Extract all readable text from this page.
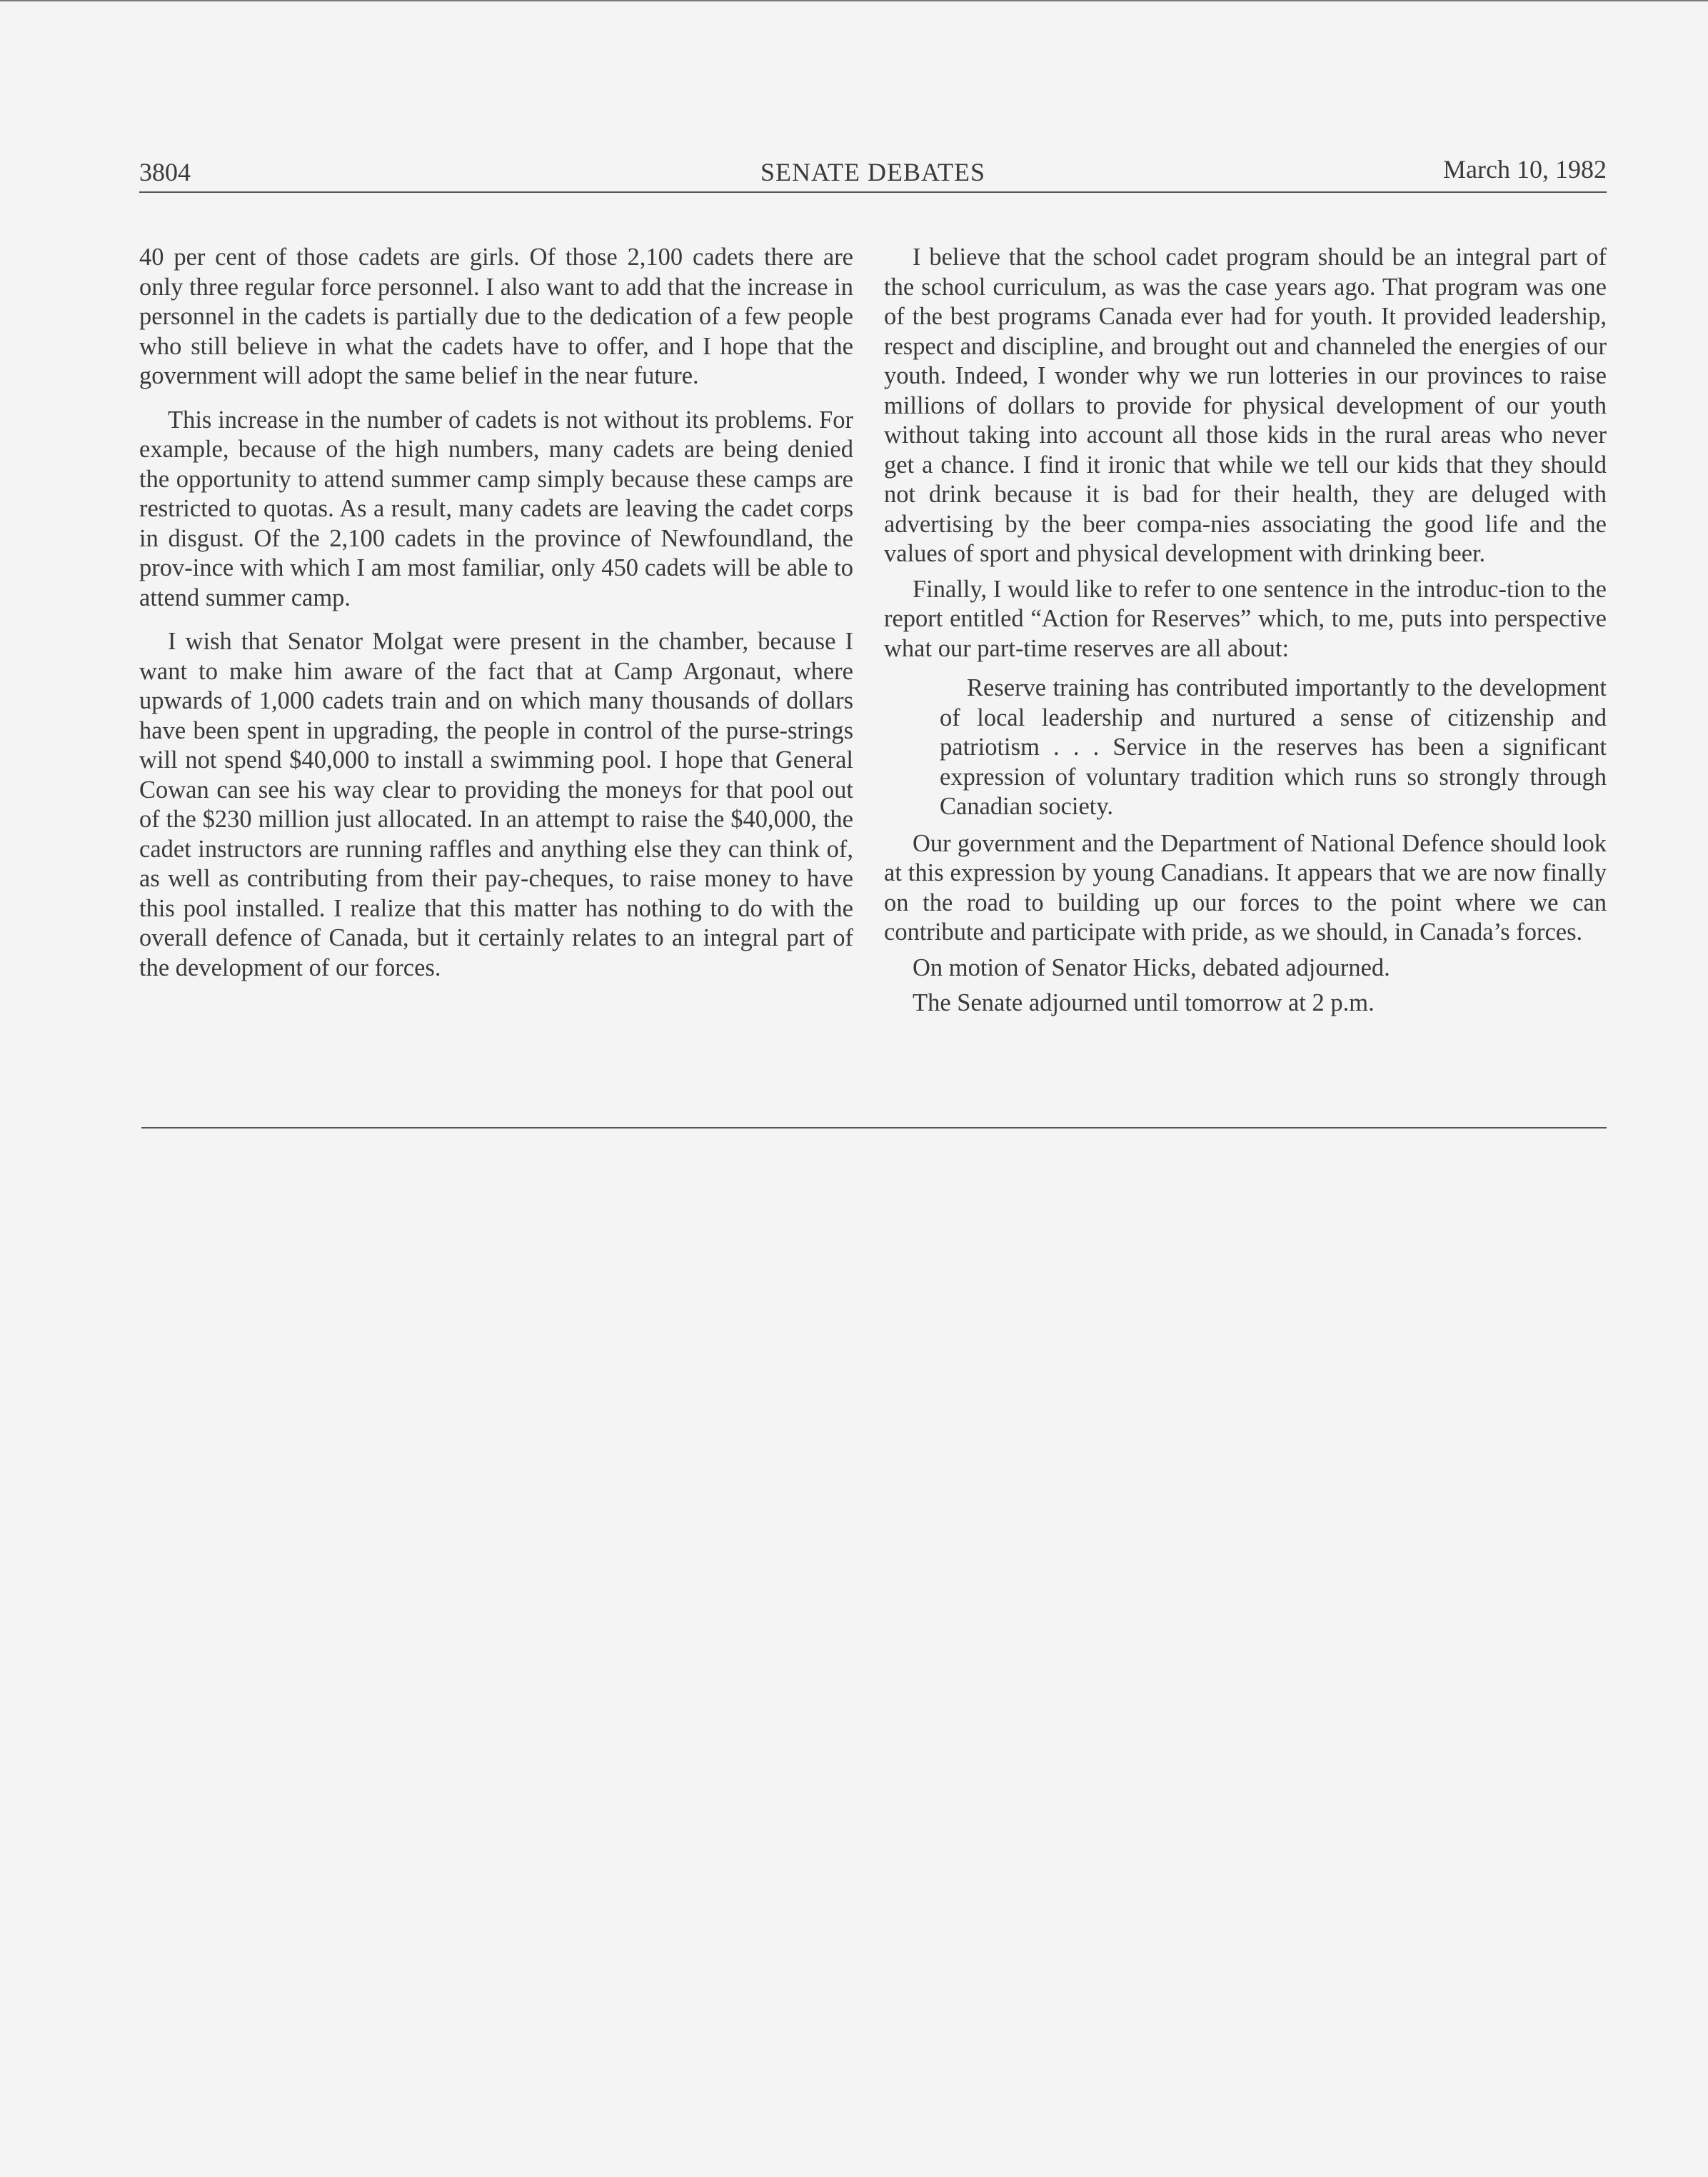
3804	SENATE DEBATES	March 10, 1982

40 per cent of those cadets are girls. Of those 2,100 cadets there are only three regular force personnel. I also want to add that the increase in personnel in the cadets is partially due to the dedication of a few people who still believe in what the cadets have to offer, and I hope that the government will adopt the same belief in the near future.

This increase in the number of cadets is not without its problems. For example, because of the high numbers, many cadets are being denied the opportunity to attend summer camp simply because these camps are restricted to quotas. As a result, many cadets are leaving the cadet corps in disgust. Of the 2,100 cadets in the province of Newfoundland, the prov-ince with which I am most familiar, only 450 cadets will be able to attend summer camp.

I wish that Senator Molgat were present in the chamber, because I want to make him aware of the fact that at Camp Argonaut, where upwards of 1,000 cadets train and on which many thousands of dollars have been spent in upgrading, the people in control of the purse-strings will not spend $40,000 to install a swimming pool. I hope that General Cowan can see his way clear to providing the moneys for that pool out of the $230 million just allocated. In an attempt to raise the $40,000, the cadet instructors are running raffles and anything else they can think of, as well as contributing from their pay-cheques, to raise money to have this pool installed. I realize that this matter has nothing to do with the overall defence of Canada, but it certainly relates to an integral part of the development of our forces.

I believe that the school cadet program should be an integral part of the school curriculum, as was the case years ago. That program was one of the best programs Canada ever had for youth. It provided leadership, respect and discipline, and brought out and channeled the energies of our youth. Indeed, I wonder why we run lotteries in our provinces to raise millions of dollars to provide for physical development of our youth without taking into account all those kids in the rural areas who never get a chance. I find it ironic that while we tell our kids that they should not drink because it is bad for their health, they are deluged with advertising by the beer compa-nies associating the good life and the values of sport and physical development with drinking beer.

Finally, I would like to refer to one sentence in the introduc-tion to the report entitled “Action for Reserves” which, to me, puts into perspective what our part-time reserves are all about:

Reserve training has contributed importantly to the development of local leadership and nurtured a sense of citizenship and patriotism . . . Service in the reserves has been a significant expression of voluntary tradition which runs so strongly through Canadian society.

Our government and the Department of National Defence should look at this expression by young Canadians. It appears that we are now finally on the road to building up our forces to the point where we can contribute and participate with pride, as we should, in Canada’s forces.

On motion of Senator Hicks, debated adjourned.

The Senate adjourned until tomorrow at 2 p.m.
